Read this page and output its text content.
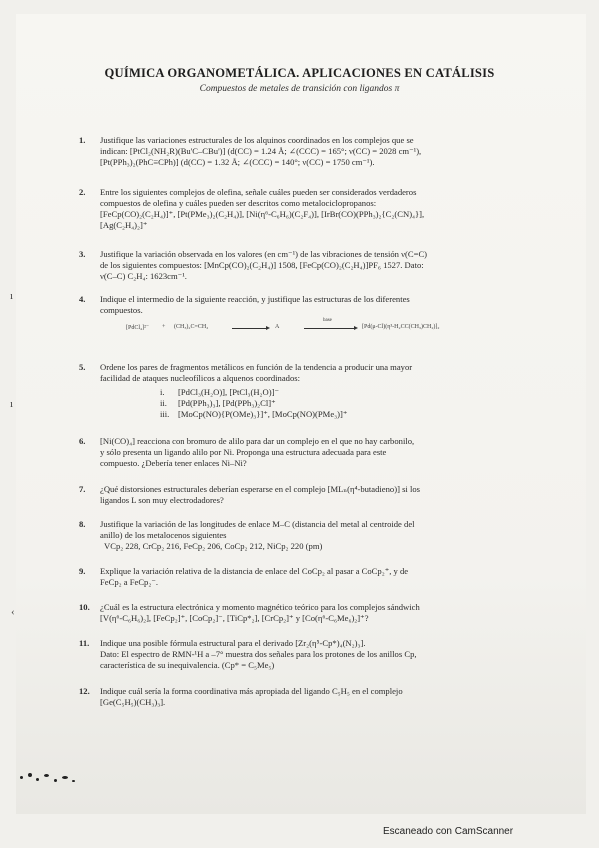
QUÍMICA ORGANOMETÁLICA. APLICACIONES EN CATÁLISIS
Compuestos de metales de transición con ligandos π
1. Justifique las variaciones estructurales de los alquinos coordinados en los complejos que se
indican: [PtCl₂(NH₂R)(Bu'C–CBu')] (d(CC) = 1.24 Å; ∠(CCC) = 165°; ν(CC) = 2028 cm⁻¹),
[Pt(PPh₃)₂(PhC≡CPh)] (d(CC) = 1.32 Å; ∠(CCC) = 140°; ν(CC) = 1750 cm⁻¹).
2. Entre los siguientes complejos de olefina, señale cuáles pueden ser considerados verdaderos
compuestos de olefina y cuáles pueden ser descritos como metalociclopropanos:
[FeCp(CO)₂(C₂H₄)]⁺, [Pt(PMe₃)₂(C₂H₄)], [Ni(η⁶-C₆H₆)(C₂F₄)], [IrBr(CO)(PPh₃)₂{C₂(CN)₄}],
[Ag(C₂H₄)₂]⁺
3. Justifique la variación observada en los valores (en cm⁻¹) de las vibraciones de tensión ν(C=C)
de los siguientes compuestos: [MnCp(CO)₂(C₂H₄)] 1508, [FeCp(CO)₂(C₂H₄)]PF₆ 1527. Dato:
ν(C–C) C₂H₄: 1623cm⁻¹.
4. Indique el intermedio de la siguiente reacción, y justifique las estructuras de los diferentes
compuestos.
[PdCl₄]²⁻ + (CH₃)₂C=CH₂	A
base
[Pd(μ-Cl)(η³-H₂CC(CH₃)CH₂)]₂
5. Ordene los pares de fragmentos metálicos en función de la tendencia a producir una mayor
facilidad de ataques nucleofílicos a alquenos coordinados:
i. [PdCl₃(H₂O)], [PtCl₃(H₂O)]⁻
ii. [Pd(PPh₃)₃], [Pd(PPh₃)₂Cl]⁺
iii. [MoCp(NO){P(OMe)₃}]⁺, [MoCp(NO)(PMe₃)]⁺
6. [Ni(CO)₄] reacciona con bromuro de alilo para dar un complejo en el que no hay carbonilo,
y sólo presenta un ligando alilo por Ni. Proponga una estructura adecuada para este
compuesto. ¿Debería tener enlaces Ni–Ni?
7. ¿Qué distorsiones estructurales deberían esperarse en el complejo [MLₙ(η⁴-butadieno)] si los
ligandos L son muy electrodadores?
8. Justifique la variación de las longitudes de enlace M–C (distancia del metal al centroide del
anillo) de los metalocenos siguientes
VCp₂ 228, CrCp₂ 216, FeCp₂ 206, CoCp₂ 212, NiCp₂ 220 (pm)
9. Explique la variación relativa de la distancia de enlace del CoCp₂ al pasar a CoCp₂⁺, y de
FeCp₂ a FeCp₂⁻.
10. ¿Cuál es la estructura electrónica y momento magnético teórico para los complejos sándwich
[V(η⁶-C₆H₆)₂], [FeCp₂]⁺, [CoCp₂]⁻, [TiCp*₂], [CrCp₂]⁺ y [Co(η⁶-C₆Me₆)₂]⁺?
11. Indique una posible fórmula estructural para el derivado [Zr₂(η⁵-Cp*)₄(N₂)₃].
Dato: El espectro de RMN-¹H a –7° muestra dos señales para los protones de los anillos Cp,
característica de su inequivalencia. (Cp* = C₅Me₅)
12. Indique cuál sería la forma coordinativa más apropiada del ligando C₅H₅ en el complejo
[Ge(C₅H₅)(CH₃)₃].
ı
ı
‹
Escaneado con CamScanner
